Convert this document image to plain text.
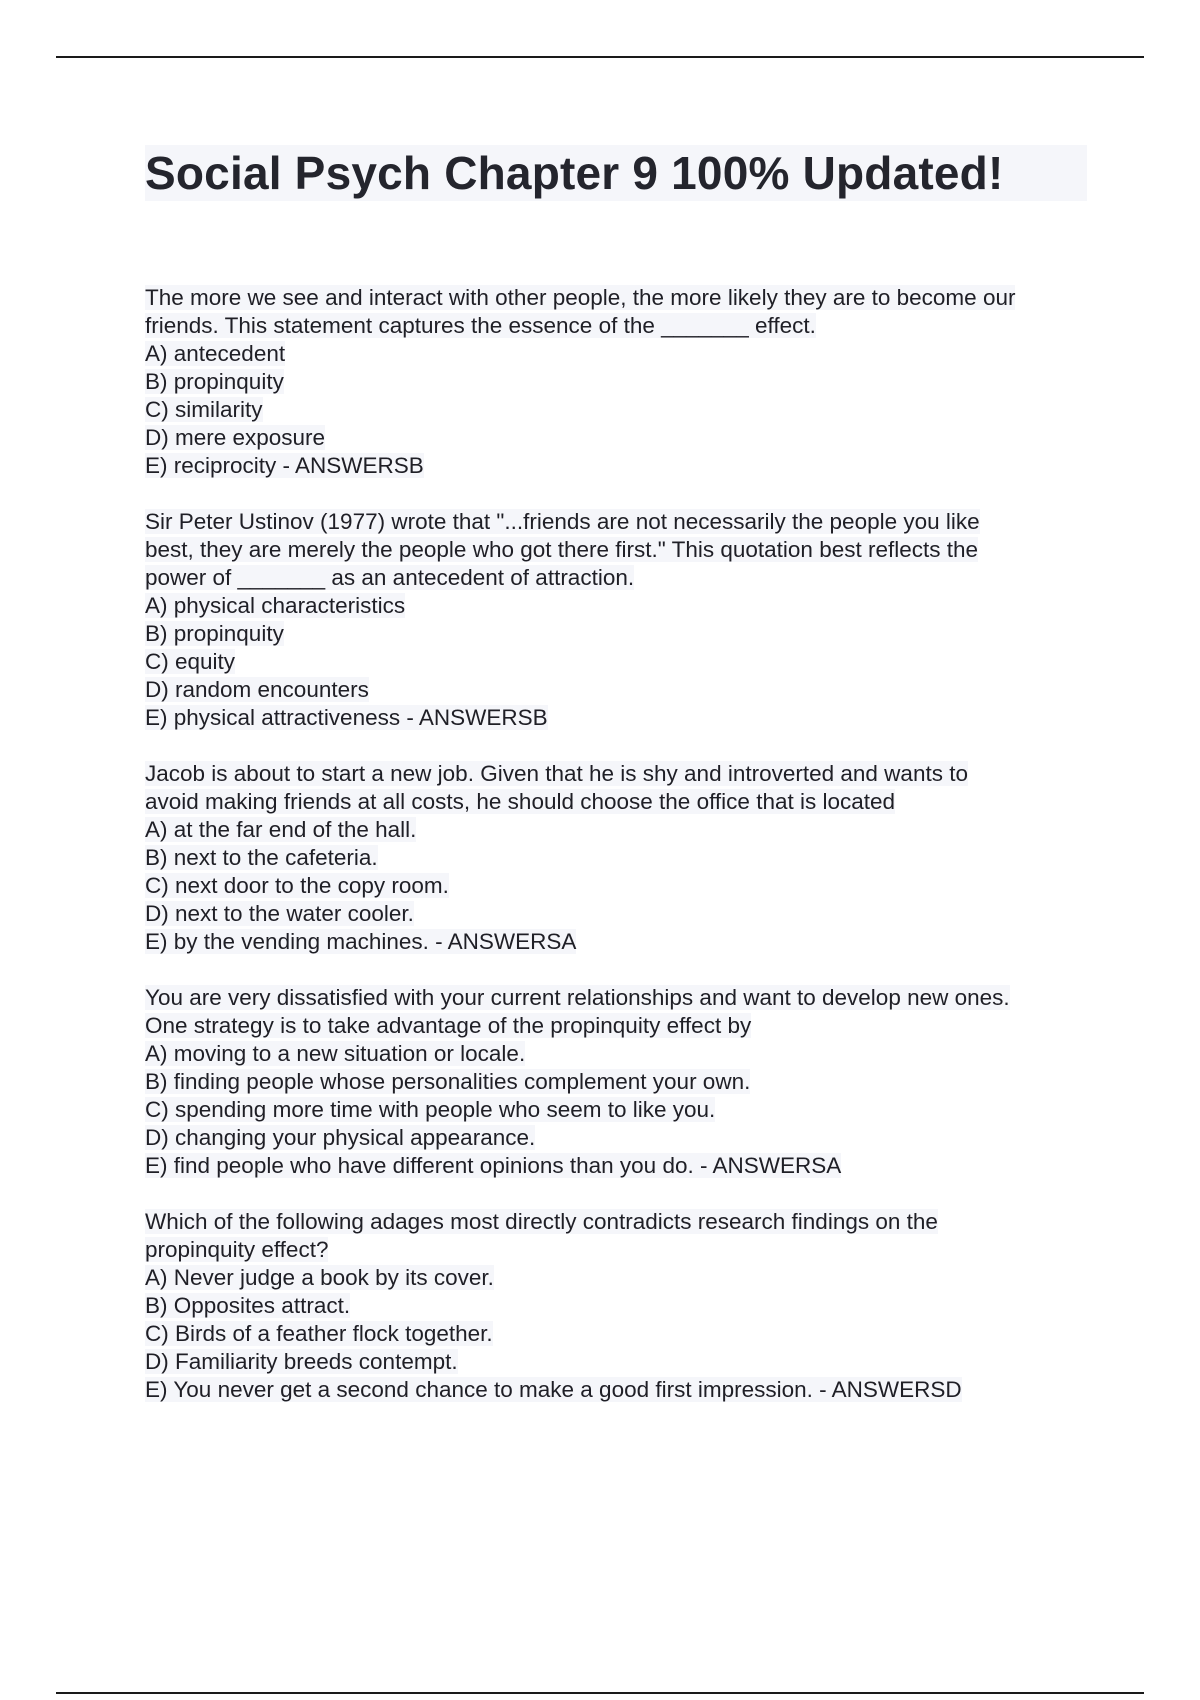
Social Psych Chapter 9 100% Updated!
The more we see and interact with other people, the more likely they are to become our
friends. This statement captures the essence of the _______ effect.
A) antecedent
B) propinquity
C) similarity
D) mere exposure
E) reciprocity - ANSWERSB
Sir Peter Ustinov (1977) wrote that "...friends are not necessarily the people you like
best, they are merely the people who got there first." This quotation best reflects the
power of _______ as an antecedent of attraction.
A) physical characteristics
B) propinquity
C) equity
D) random encounters
E) physical attractiveness - ANSWERSB
Jacob is about to start a new job. Given that he is shy and introverted and wants to
avoid making friends at all costs, he should choose the office that is located
A) at the far end of the hall.
B) next to the cafeteria.
C) next door to the copy room.
D) next to the water cooler.
E) by the vending machines. - ANSWERSA
You are very dissatisfied with your current relationships and want to develop new ones.
One strategy is to take advantage of the propinquity effect by
A) moving to a new situation or locale.
B) finding people whose personalities complement your own.
C) spending more time with people who seem to like you.
D) changing your physical appearance.
E) find people who have different opinions than you do. - ANSWERSA
Which of the following adages most directly contradicts research findings on the
propinquity effect?
A) Never judge a book by its cover.
B) Opposites attract.
C) Birds of a feather flock together.
D) Familiarity breeds contempt.
E) You never get a second chance to make a good first impression. - ANSWERSD
